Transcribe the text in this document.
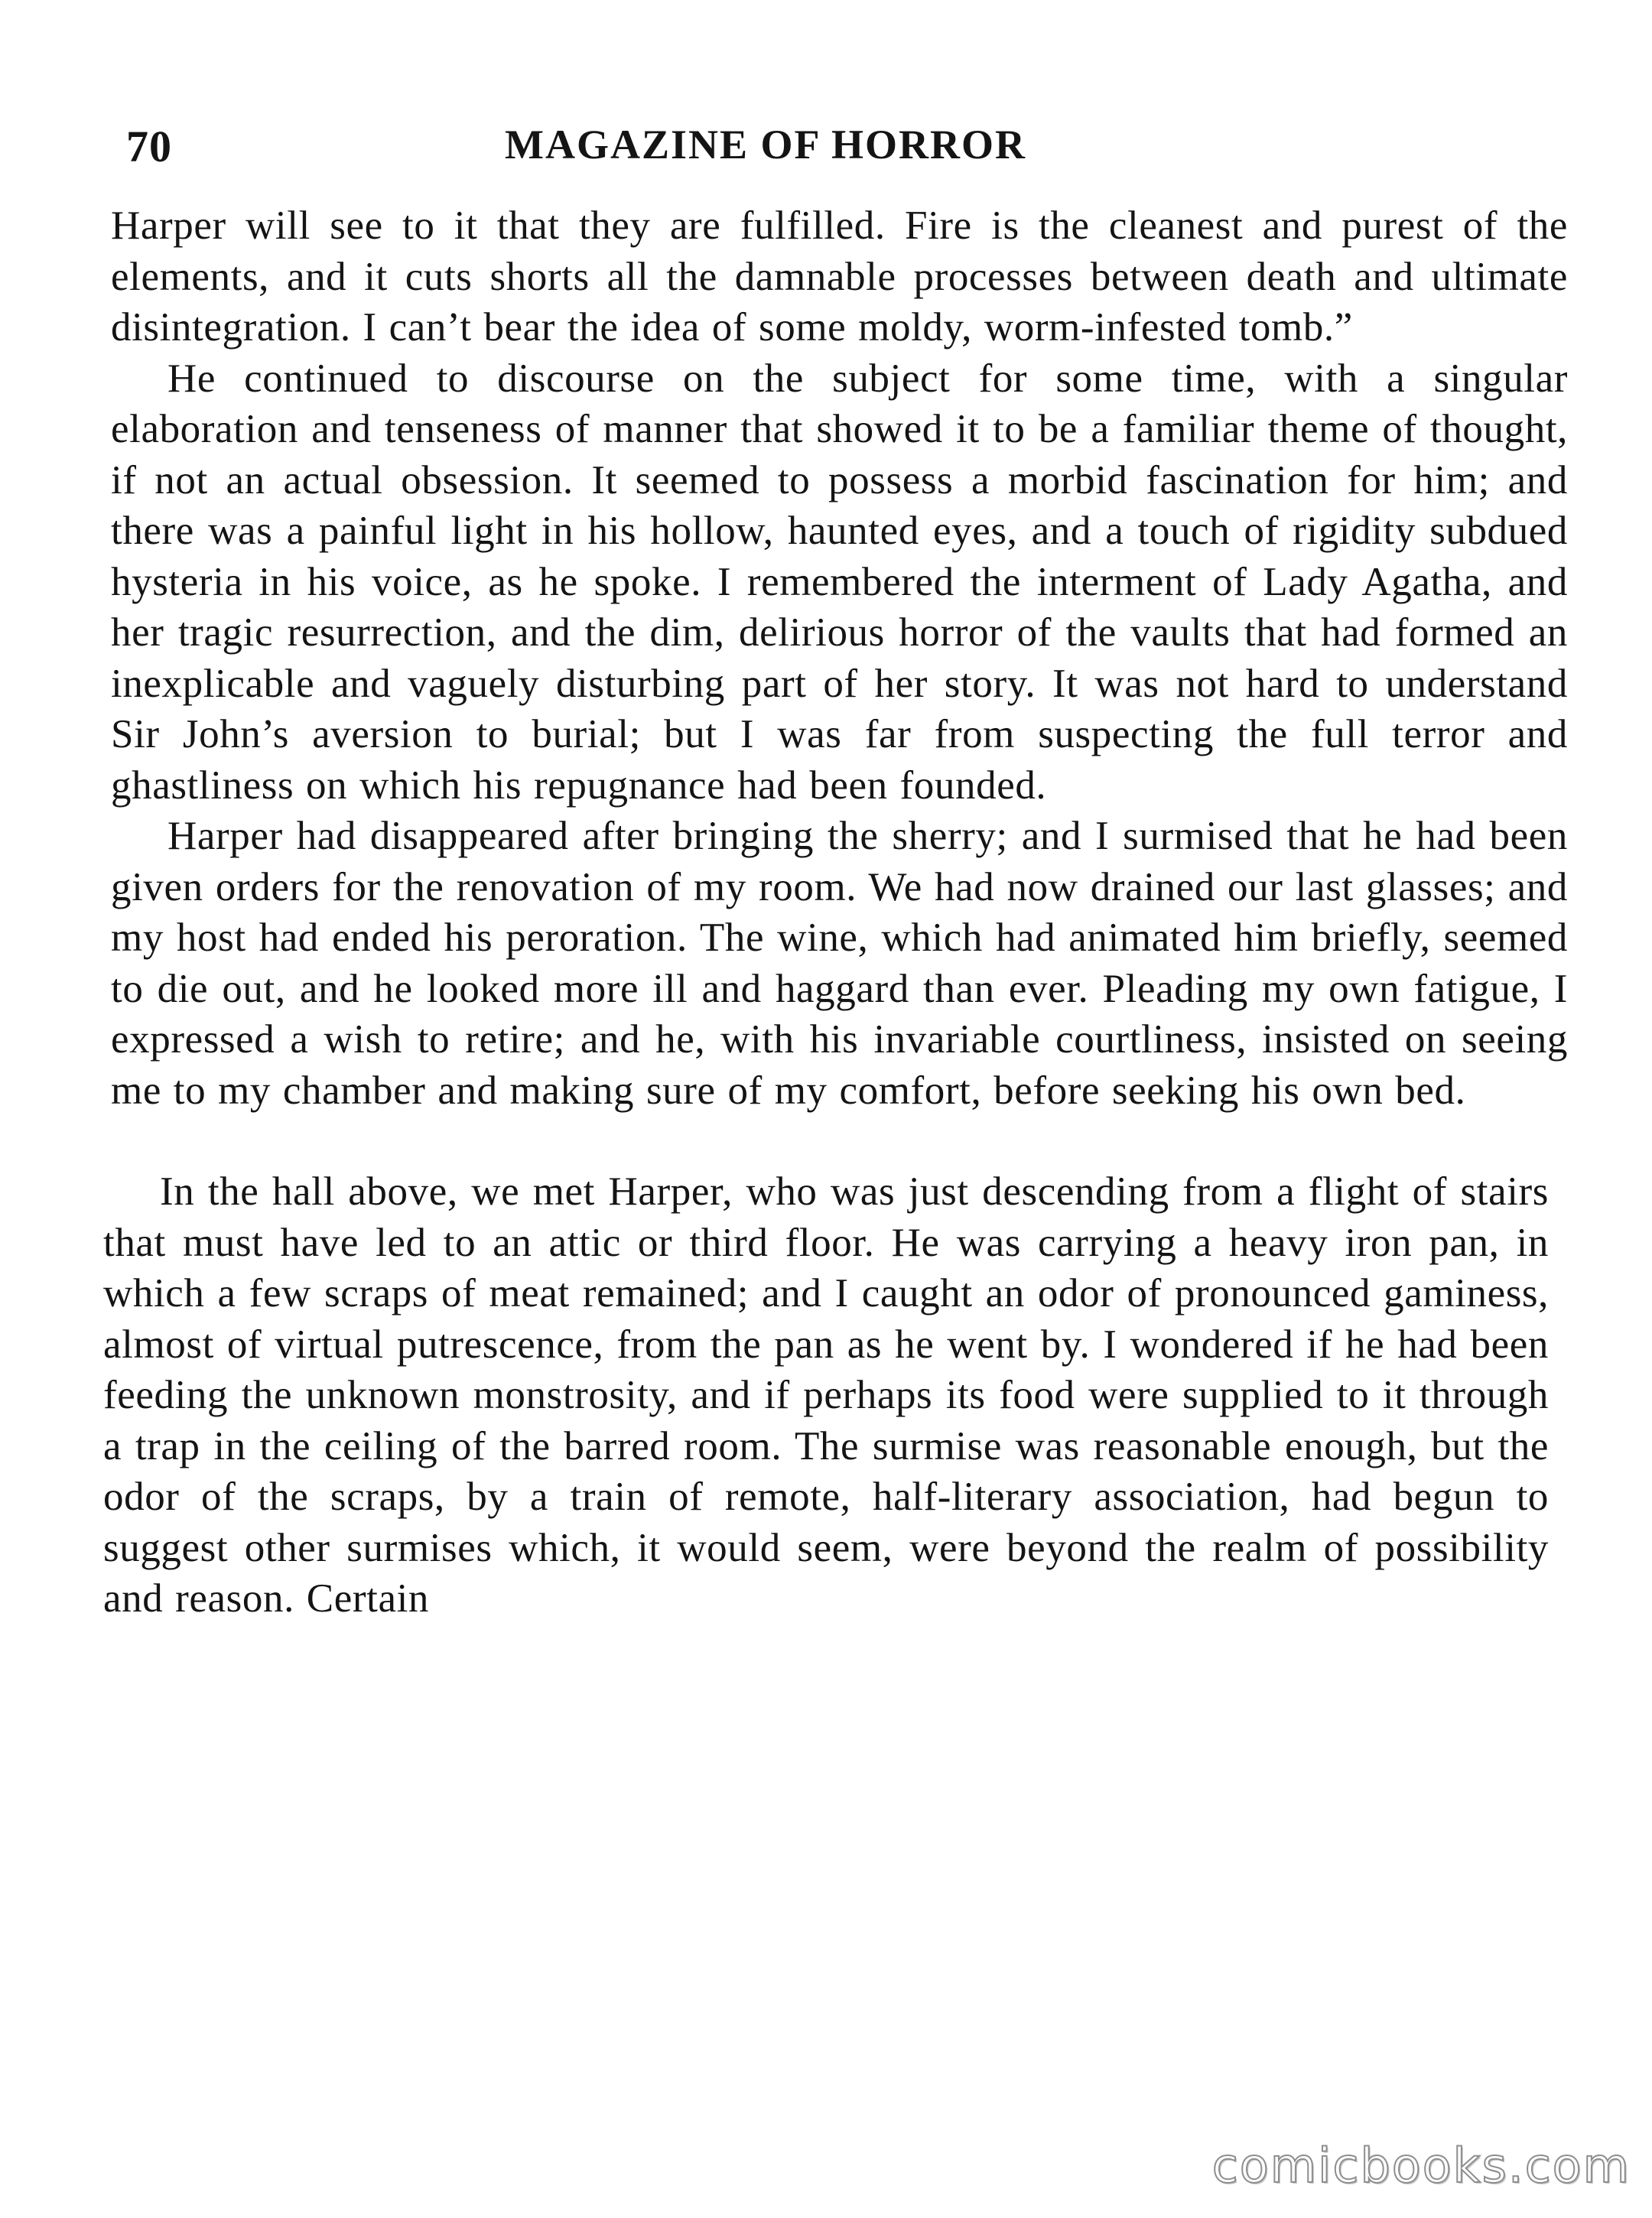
70	MAGAZINE OF HORROR

Harper will see to it that they are fulfilled. Fire is the cleanest and purest of the elements, and it cuts shorts all the damnable processes between death and ultimate disintegration. I can’t bear the idea of some moldy, worm-infested tomb.”

He continued to discourse on the subject for some time, with a singular elaboration and tenseness of manner that showed it to be a familiar theme of thought, if not an actual obsession. It seemed to possess a morbid fascination for him; and there was a painful light in his hollow, haunted eyes, and a touch of rigidity subdued hysteria in his voice, as he spoke. I remembered the interment of Lady Agatha, and her tragic resurrection, and the dim, delirious horror of the vaults that had formed an inexplicable and vaguely disturbing part of her story. It was not hard to understand Sir John’s aversion to burial; but I was far from suspecting the full terror and ghastliness on which his repugnance had been founded.

Harper had disappeared after bringing the sherry; and I surmised that he had been given orders for the renovation of my room. We had now drained our last glasses; and my host had ended his peroration. The wine, which had animated him briefly, seemed to die out, and he looked more ill and haggard than ever. Pleading my own fatigue, I expressed a wish to retire; and he, with his invariable courtliness, insisted on seeing me to my chamber and making sure of my comfort, before seeking his own bed.

In the hall above, we met Harper, who was just descending from a flight of stairs that must have led to an attic or third floor. He was carrying a heavy iron pan, in which a few scraps of meat remained; and I caught an odor of pronounced gaminess, almost of virtual putrescence, from the pan as he went by. I wondered if he had been feeding the unknown monstrosity, and if perhaps its food were supplied to it through a trap in the ceiling of the barred room. The surmise was reasonable enough, but the odor of the scraps, by a train of remote, half-literary association, had begun to suggest other surmises which, it would seem, were beyond the realm of possibility and reason. Certain

comicbooks.com
